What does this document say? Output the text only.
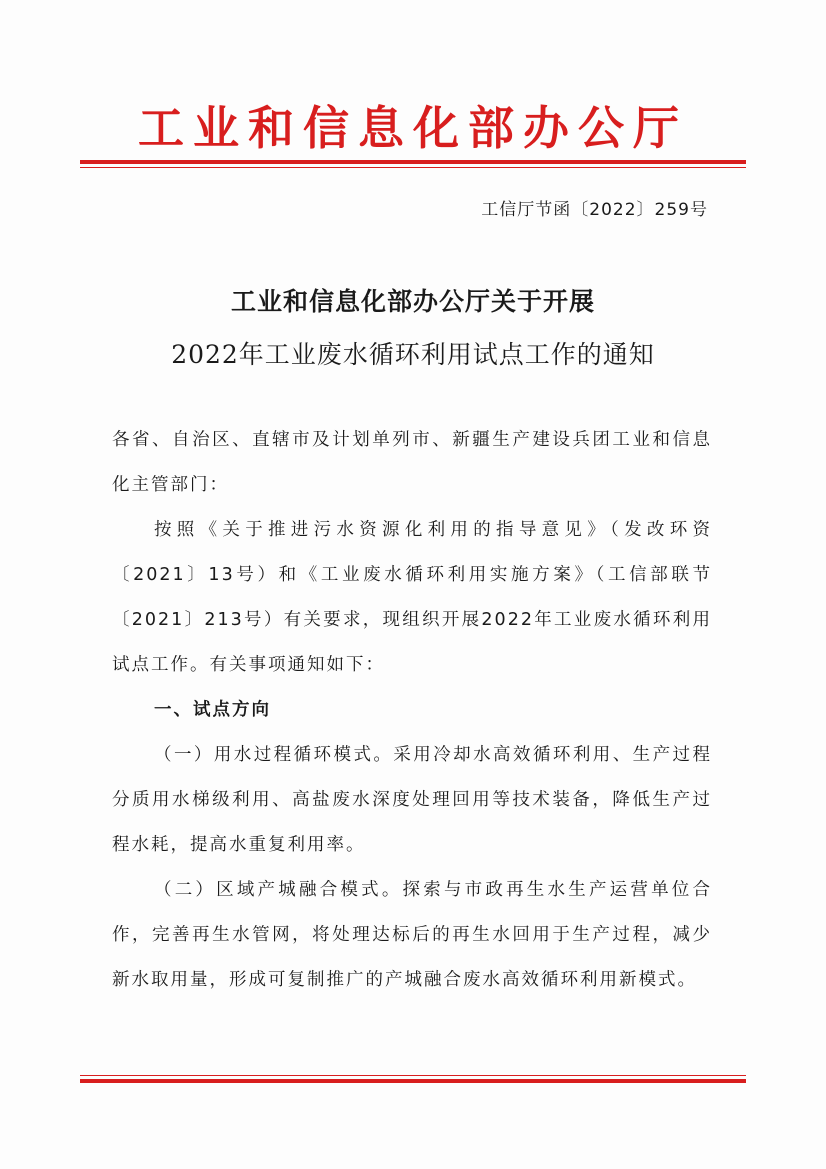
工业和信息化部办公厅
工信厅节函〔2022〕259号
工业和信息化部办公厅关于开展
2022年工业废水循环利用试点工作的通知

各省、自治区、直辖市及计划单列市、新疆生产建设兵团工业和信息化主管部门：

按照《关于推进污水资源化利用的指导意见》（发改环资〔2021〕13号）和《工业废水循环利用实施方案》（工信部联节〔2021〕213号）有关要求，现组织开展2022年工业废水循环利用试点工作。有关事项通知如下：

一、试点方向

（一）用水过程循环模式。采用冷却水高效循环利用、生产过程分质用水梯级利用、高盐废水深度处理回用等技术装备，降低生产过程水耗，提高水重复利用率。

（二）区域产城融合模式。探索与市政再生水生产运营单位合作，完善再生水管网，将处理达标后的再生水回用于生产过程，减少新水取用量，形成可复制推广的产城融合废水高效循环利用新模式。
